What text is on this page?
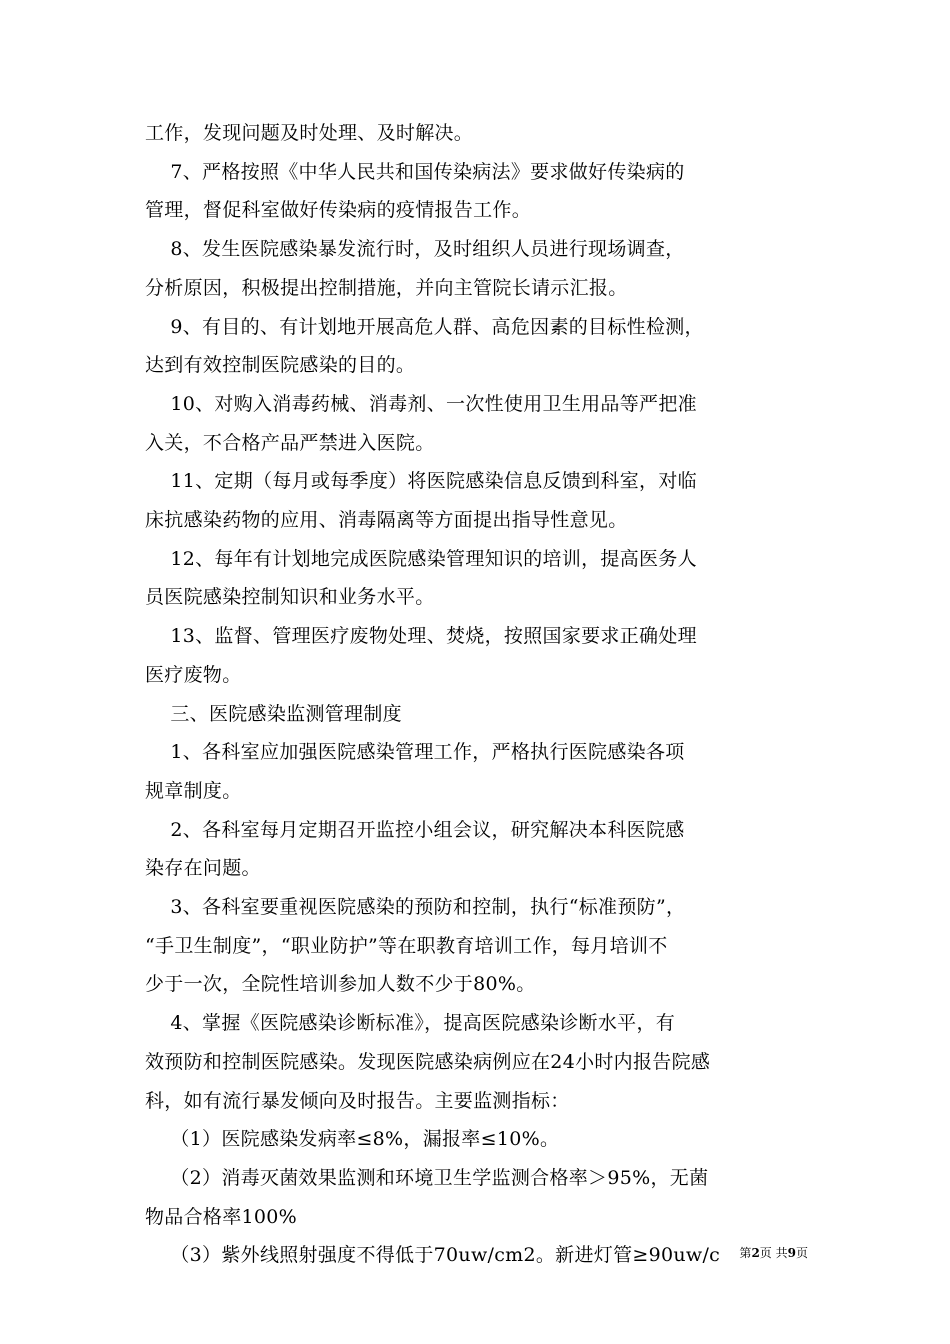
工作，发现问题及时处理、及时解决。
7、严格按照《中华人民共和国传染病法》要求做好传染病的
管理，督促科室做好传染病的疫情报告工作。
8、发生医院感染暴发流行时，及时组织人员进行现场调查，
分析原因，积极提出控制措施，并向主管院长请示汇报。
9、有目的、有计划地开展高危人群、高危因素的目标性检测，
达到有效控制医院感染的目的。
10、对购入消毒药械、消毒剂、一次性使用卫生用品等严把准
入关，不合格产品严禁进入医院。
11、定期（每月或每季度）将医院感染信息反馈到科室，对临
床抗感染药物的应用、消毒隔离等方面提出指导性意见。
12、每年有计划地完成医院感染管理知识的培训，提高医务人
员医院感染控制知识和业务水平。
13、监督、管理医疗废物处理、焚烧，按照国家要求正确处理
医疗废物。
三、医院感染监测管理制度
1、各科室应加强医院感染管理工作，严格执行医院感染各项
规章制度。
2、各科室每月定期召开监控小组会议，研究解决本科医院感
染存在问题。
3、各科室要重视医院感染的预防和控制，执行“标准预防”，
“手卫生制度”，“职业防护”等在职教育培训工作，每月培训不
少于一次，全院性培训参加人数不少于80%。
4、掌握《医院感染诊断标准》，提高医院感染诊断水平，有
效预防和控制医院感染。发现医院感染病例应在24小时内报告院感
科，如有流行暴发倾向及时报告。主要监测指标：
（1）医院感染发病率≤8%，漏报率≤10%。
（2）消毒灭菌效果监测和环境卫生学监测合格率＞95%，无菌
物品合格率100%
（3）紫外线照射强度不得低于70uw/cm2。新进灯管≥90uw/c 第2页 共9页
